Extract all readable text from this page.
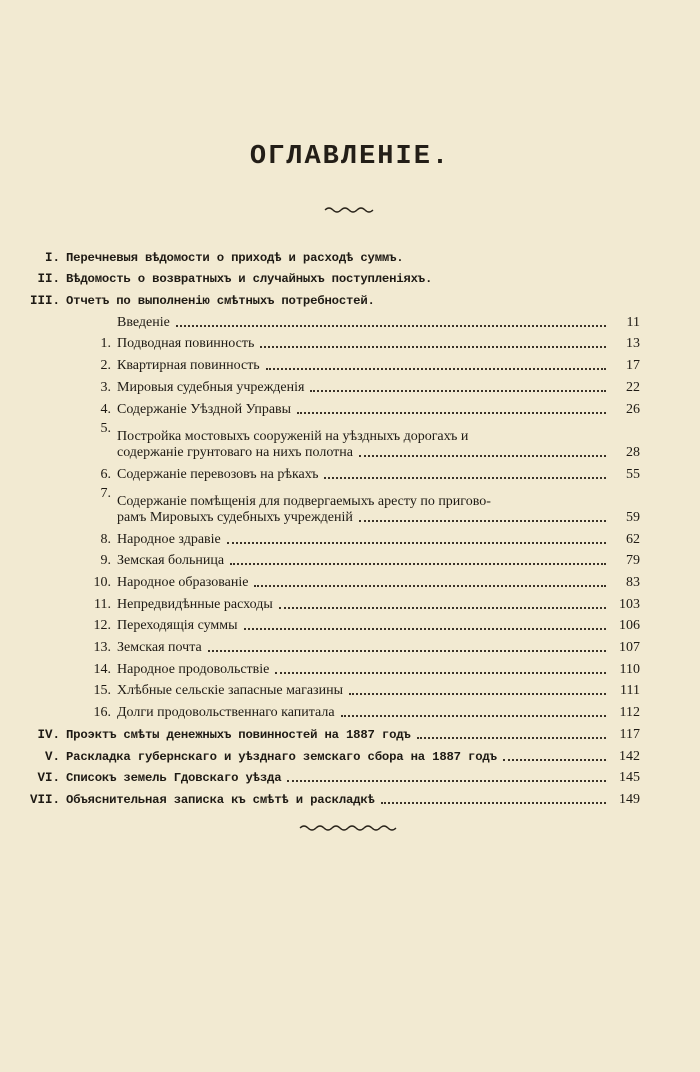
ОГЛАВЛЕНІЕ.
I. Перечневыя вѣдомости о приходѣ и расходѣ суммъ.
II. Вѣдомость о возвратныхъ и случайныхъ поступленіяхъ.
III. Отчетъ по выполненію смѣтныхъ потребностей.
Введеніе	11
1. Подводная повинность	13
2. Квартирная повинность	17
3. Мировыя судебныя учрежденія	22
4. Содержаніе Уѣздной Управы	26
5.
Постройка мостовыхъ сооруженій на уѣздныхъ дорогахъ и
содержаніе грунтоваго на нихъ полотна	28
6. Содержаніе перевозовъ на рѣкахъ	55
7.
Содержаніе помѣщенія для подвергаемыхъ аресту по пригово-
рамъ Мировыхъ судебныхъ учрежденій	59
8. Народное здравіе	62
9. Земская больница	79
10. Народное образованіе	83
11. Непредвидѣнные расходы	103
12. Переходящія суммы	106
13. Земская почта	107
14. Народное продовольствіе	110
15. Хлѣбные сельскіе запасные магазины	111
16. Долги продовольственнаго капитала	112
IV. Проэктъ смѣты денежныхъ повинностей на 1887 годъ	117
V. Раскладка губернскаго и уѣзднаго земскаго сбора на 1887 годъ	142
VI. Списокъ земель Гдовскаго уѣзда	145
VII. Объяснительная записка къ смѣтѣ и раскладкѣ	149
